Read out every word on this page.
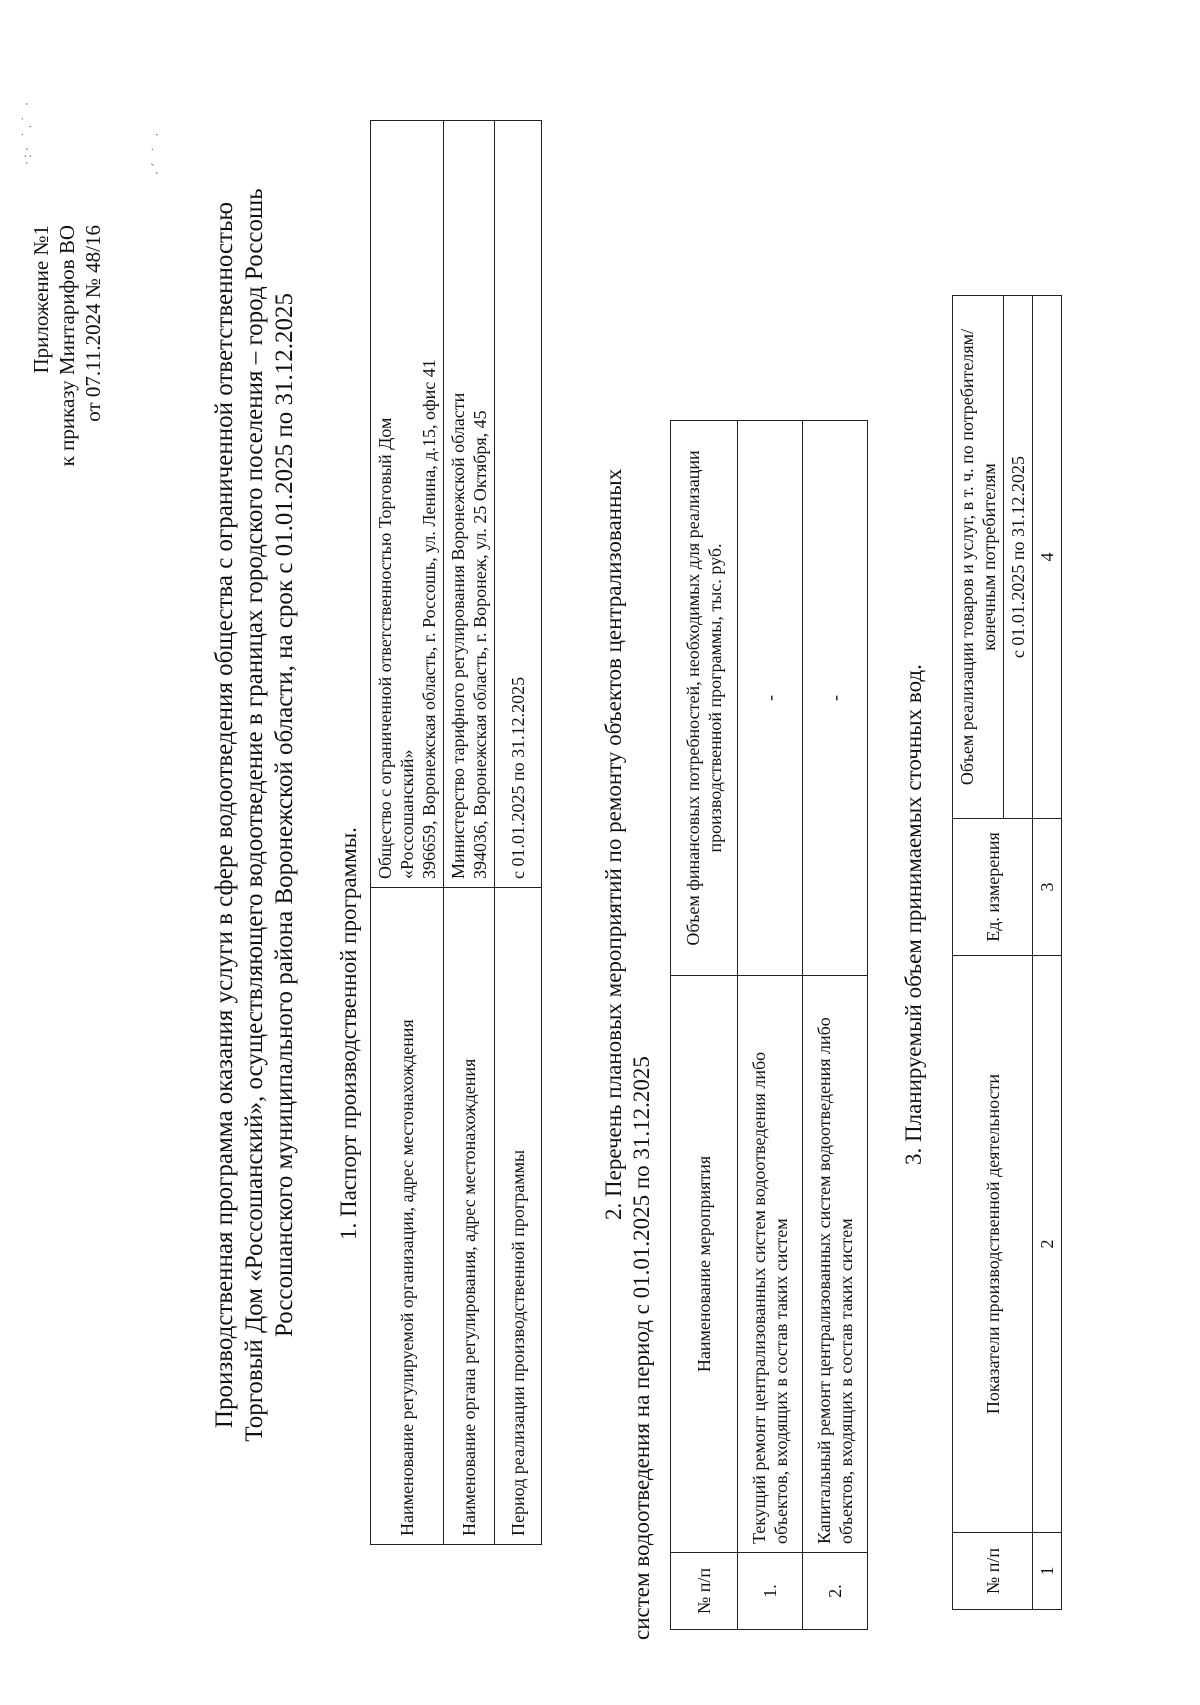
·:· ˙.˙ ·	·´ ˙ ·
Приложение №1 к приказу Минтарифов ВО от 07.11.2024 № 48/16	Производственная программа оказания услуги в сфере водоотведения общества с ограниченной ответственностью Торговый Дом «Россошанский», осуществляющего водоотведение в границах городского поселения – город Россошь Россошанского муниципального района Воронежской области, на срок с 01.01.2025 по 31.12.2025 1. Паспорт производственной программы. Наименование регулируемой организации, адрес местонахождения	Общество с ограниченной ответственностью Торговый Дом «Россошанский» 396659, Воронежская область, г. Россошь, ул. Ленина, д.15, офис 41

Наименование органа регулирования, адрес местонахождения	Министерство тарифного регулирования Воронежской области 394036, Воронежская область, г. Воронеж, ул. 25 Октября, 45

Период реализации производственной программы	с 01.01.2025 по 31.12.2025	2. Перечень плановых мероприятий по ремонту объектов централизованных систем водоотведения на период с 01.01.2025 по 31.12.2025 № п/п	Наименование мероприятия	Объем финансовых потребностей, необходимых для реализации производственной программы, тыс. руб.
1.	Текущий ремонт централизованных систем водоотведения либо объектов, входящих в состав таких систем	-
2.	Капитальный ремонт централизованных систем водоотведения либо объектов, входящих в состав таких систем	- 3. Планируемый объем принимаемых сточных вод.
№ п/п	Показатели производственной деятельности	Ед. измерения	Объем реализации товаров и услуг, в т. ч. по потребителям/ конечным потребителям
			с 01.01.2025 по 31.12.2025
1	2	3	4
